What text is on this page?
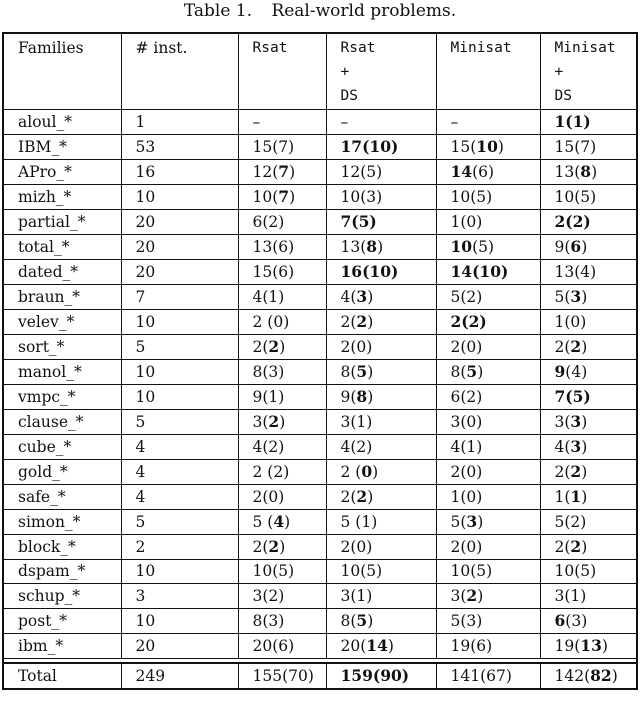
Table 1. Real-world problems.
Families	# inst.	Rsat	Rsat
+
DS	Minisat	Minisat
+
DS

aloul_*	1	–	–	–	1(1)
IBM_*	53	15(7)	17(10)	15(10)	15(7)
APro_*	16	12(7)	12(5)	14(6)	13(8)
mizh_*	10	10(7)	10(3)	10(5)	10(5)
partial_*	20	6(2)	7(5)	1(0)	2(2)
total_*	20	13(6)	13(8)	10(5)	9(6)
dated_*	20	15(6)	16(10)	14(10)	13(4)
braun_*	7	4(1)	4(3)	5(2)	5(3)
velev_*	10	2 (0)	2(2)	2(2)	1(0)
sort_*	5	2(2)	2(0)	2(0)	2(2)
manol_*	10	8(3)	8(5)	8(5)	9(4)
vmpc_*	10	9(1)	9(8)	6(2)	7(5)
clause_*	5	3(2)	3(1)	3(0)	3(3)
cube_*	4	4(2)	4(2)	4(1)	4(3)
gold_*	4	2 (2)	2 (0)	2(0)	2(2)
safe_*	4	2(0)	2(2)	1(0)	1(1)
simon_*	5	5 (4)	5 (1)	5(3)	5(2)
block_*	2	2(2)	2(0)	2(0)	2(2)
dspam_*	10	10(5)	10(5)	10(5)	10(5)
schup_*	3	3(2)	3(1)	3(2)	3(1)
post_*	10	8(3)	8(5)	5(3)	6(3)
ibm_*	20	20(6)	20(14)	19(6)	19(13)

Total	249	155(70)	159(90)	141(67)	142(82)
